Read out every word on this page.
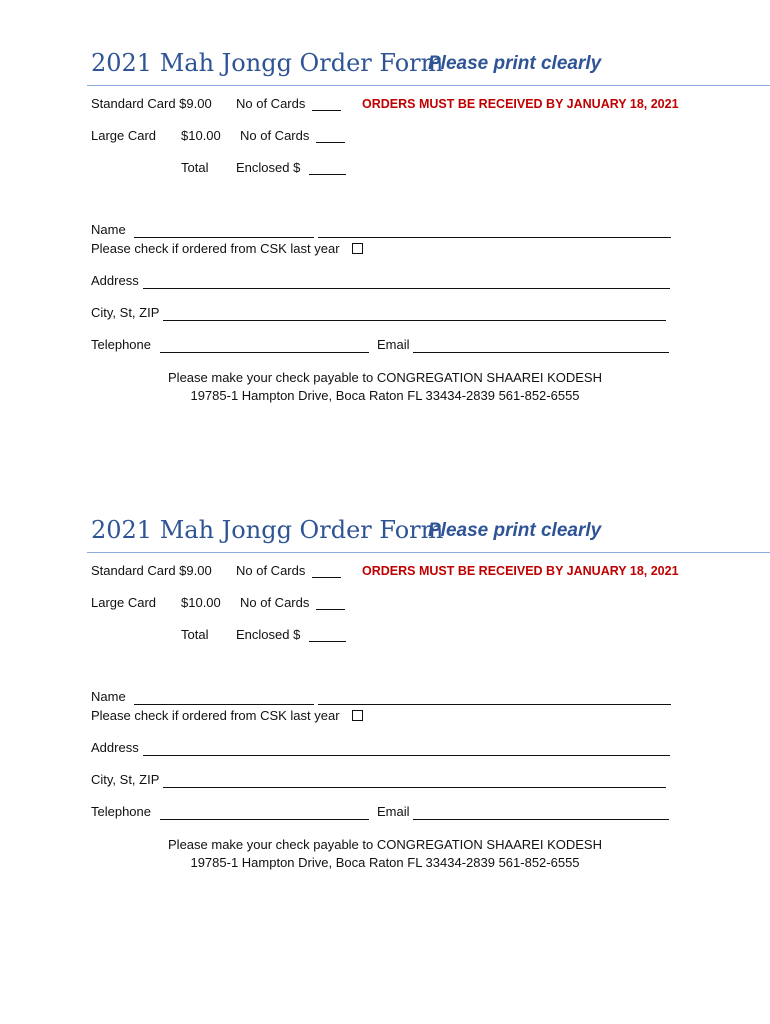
2021 Mah Jongg Order Form
Please print clearly
Standard Card $9.00 No of Cards	ORDERS MUST BE RECEIVED BY JANUARY 18, 2021
Large Card $10.00 No of Cards
Total Enclosed $
Name
Please check if ordered from CSK last year
Address
City, St, ZIP
Telephone	Email
Please make your check payable to CONGREGATION SHAAREI KODESH
19785-1 Hampton Drive, Boca Raton FL 33434-2839 561-852-6555
2021 Mah Jongg Order Form
Please print clearly
Standard Card $9.00 No of Cards	ORDERS MUST BE RECEIVED BY JANUARY 18, 2021
Large Card $10.00 No of Cards
Total Enclosed $
Name
Please check if ordered from CSK last year
Address
City, St, ZIP
Telephone	Email
Please make your check payable to CONGREGATION SHAAREI KODESH
19785-1 Hampton Drive, Boca Raton FL 33434-2839 561-852-6555
